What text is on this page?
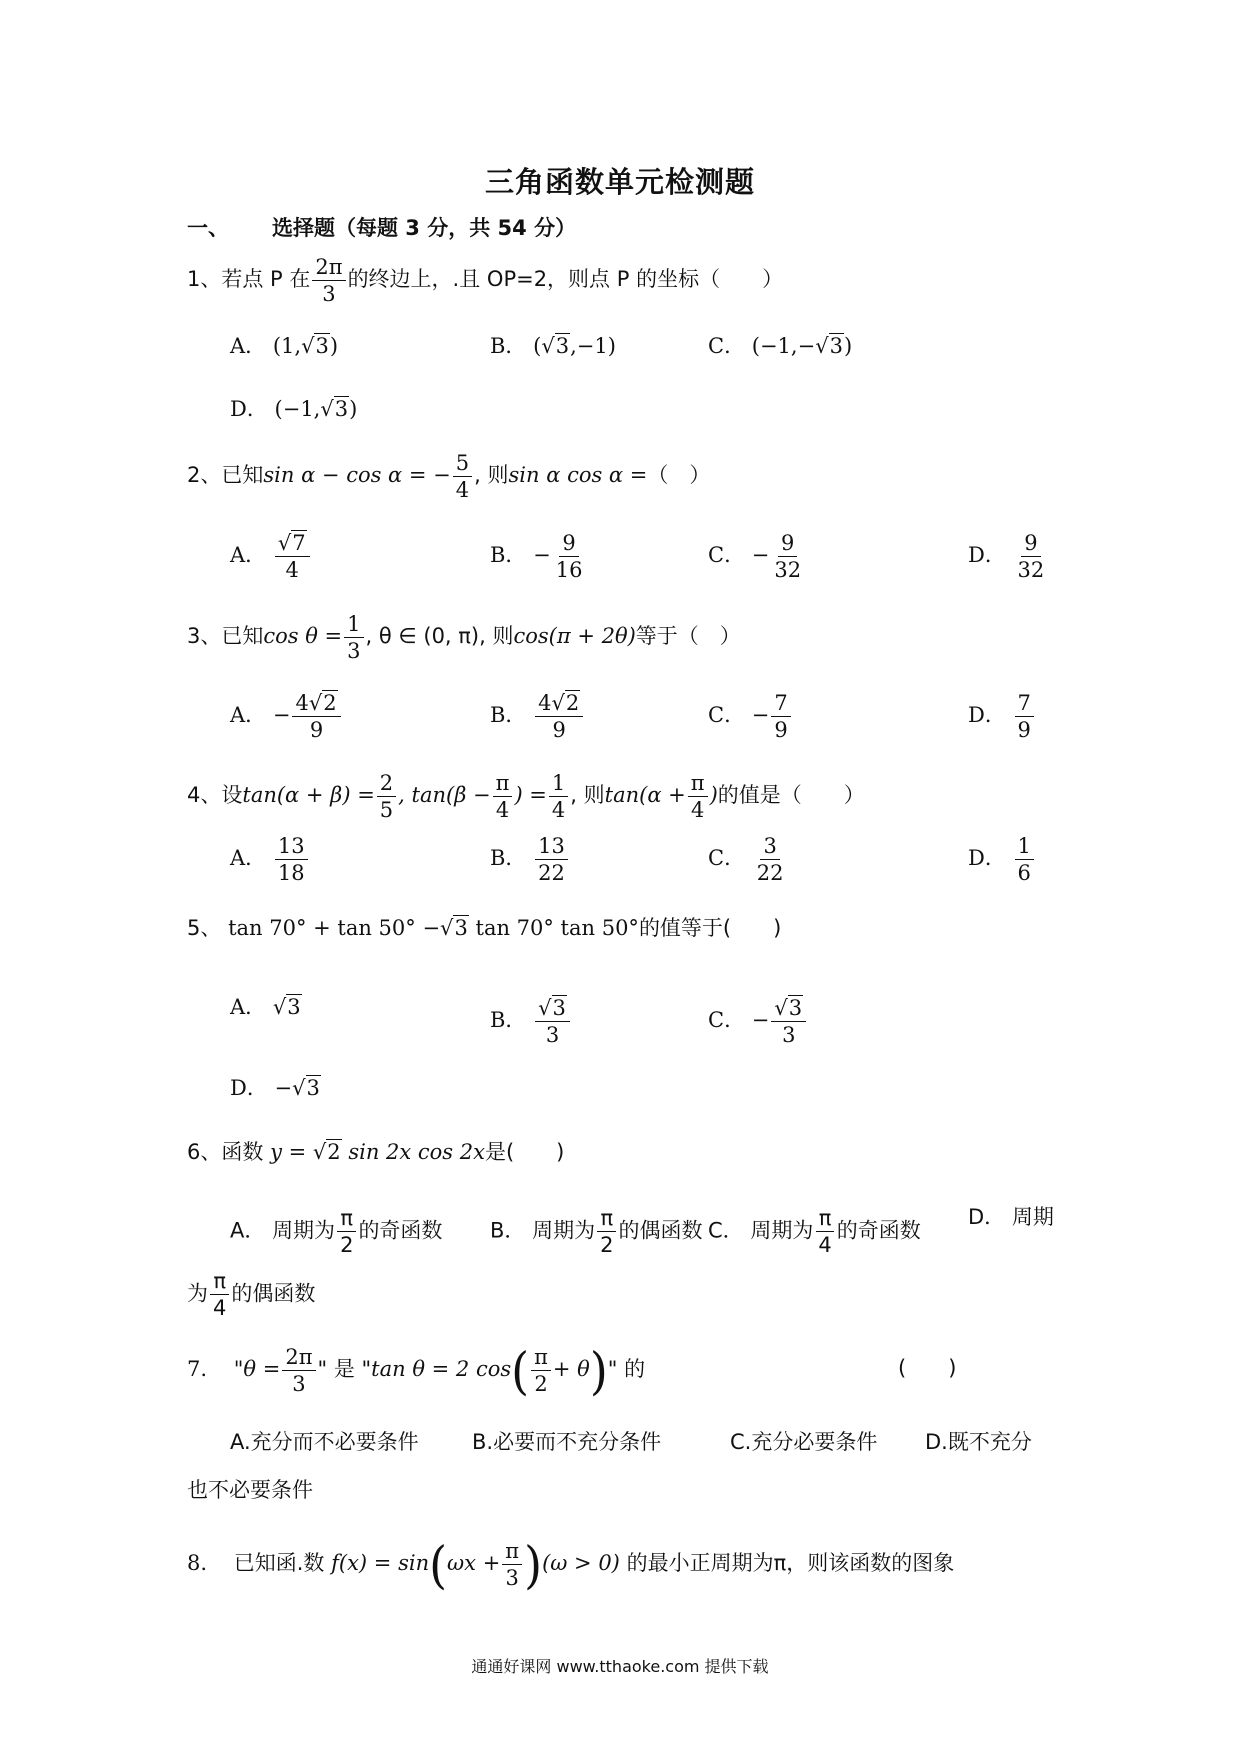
三角函数单元检测题
一、 选择题（每题 3 分，共 54 分）
1、若点 P 在 $\frac{2\pi}{3}$ 的终边上，.且 OP=2，则点 P 的坐标（　　）
A． (1,√3)	B． (√3,−1)	C． (−1,−√3)
D． (−1,√3)
2、已知sin α − cos α = − $\frac{5}{4}$ , 则sin α cos α =（　）
A． $\frac{√7}{4}$	B． − $\frac{9}{16}$	C． − $\frac{9}{32}$	D． $\frac{9}{32}$
3、已知$\cos \theta = \frac{1}{3}$ , θ ∈ (0, π), 则cos(π + 2θ)等于（　）
A． − $\frac{4√2}{9}$	B． $\frac{4√2}{9}$	C． − $\frac{7}{9}$	D． $\frac{7}{9}$
4、设$\tan(\alpha + \beta) = \frac{2}{5}$ , $\tan(\beta - \frac{\pi}{4}$ ) = $\frac{1}{4}$ , 则$\tan(\alpha + \frac{\pi}{4}$ )的值是（　　）
A． $\frac{13}{18}$	B． $\frac{13}{22}$	C． $\frac{3}{22}$	D． $\frac{1}{6}$
5、 tan 70° + tan 50° −√3 tan 70° tan 50°的值等于(　　)
A． √3
B． $\frac{√3}{3}$	C． − $\frac{√3}{3}$
D． −√3
6、函数 y = √2 sin 2x cos 2x是(　　)
A． 周期为 $\frac{\pi}{2}$ 的奇函数 B． 周期为 $\frac{\pi}{2}$ 的偶函数 C． 周期为 $\frac{\pi}{4}$ 的奇函数
D． 周期
为 $\frac{\pi}{4}$ 的偶函数
7. "$\theta = \frac{2\pi}{3}$ " 是 "tan θ = 2 $\cos( \frac{\pi}{2} + \theta)$" 的	(　　)
A.充分而不必要条件	B.必要而不充分条件	C.充分必要条件 D.既不充分
也不必要条件
8. 已知函.数 $f(x) = \sin(\omega x + \frac{\pi}{3} )(\omega > 0)$ 的最小正周期为π，则该函数的图象
通通好课网 www.tthaoke.com 提供下载
